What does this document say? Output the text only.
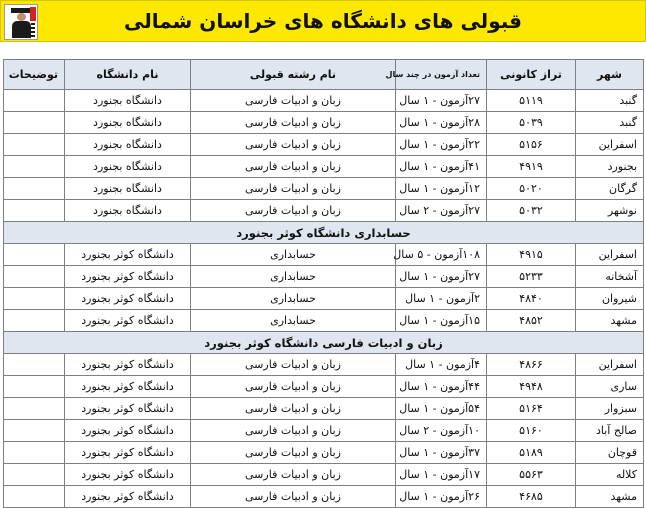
قبولی های دانشگاه های خراسان شمالی
شهر	تراز کانونی	تعداد آزمون در چند سال	نام رشته قبولی	نام دانشگاه	توضیحات
گنبد	۵۱۱۹	۲۷آزمون - ۱ سال	زبان و ادبیات فارسی	دانشگاه بجنورد	
گنبد	۵۰۳۹	۲۸آزمون - ۱ سال	زبان و ادبیات فارسی	دانشگاه بجنورد	
اسفراین	۵۱۵۶	۲۲آزمون - ۱ سال	زبان و ادبیات فارسی	دانشگاه بجنورد	
بجنورد	۴۹۱۹	۴۱آزمون - ۱ سال	زبان و ادبیات فارسی	دانشگاه بجنورد	
گرگان	۵۰۲۰	۱۲آزمون - ۱ سال	زبان و ادبیات فارسی	دانشگاه بجنورد	
نوشهر	۵۰۳۲	۲۷آزمون - ۲ سال	زبان و ادبیات فارسی	دانشگاه بجنورد	
حسابداری دانشگاه کوثر بجنورد					
اسفراین	۴۹۱۵	۱۰۸آزمون - ۵ سال	حسابداری	دانشگاه کوثر بجنورد	
آشخانه	۵۲۳۳	۲۷آزمون - ۱ سال	حسابداری	دانشگاه کوثر بجنورد	
شیروان	۴۸۴۰	۲آزمون - ۱ سال	حسابداری	دانشگاه کوثر بجنورد	
مشهد	۴۸۵۲	۱۵آزمون - ۱ سال	حسابداری	دانشگاه کوثر بجنورد	
زبان و ادبیات فارسی دانشگاه کوثر بجنورد					
اسفراین	۴۸۶۶	۴آزمون - ۱ سال	زبان و ادبیات فارسی	دانشگاه کوثر بجنورد	
ساری	۴۹۴۸	۴۴آزمون - ۱ سال	زبان و ادبیات فارسی	دانشگاه کوثر بجنورد	
سبزوار	۵۱۶۴	۵۴آزمون - ۱ سال	زبان و ادبیات فارسی	دانشگاه کوثر بجنورد	
صالح آباد	۵۱۶۰	۱۰آزمون - ۲ سال	زبان و ادبیات فارسی	دانشگاه کوثر بجنورد	
قوچان	۵۱۸۹	۳۷آزمون - ۱ سال	زبان و ادبیات فارسی	دانشگاه کوثر بجنورد	
کلاله	۵۵۶۳	۱۷آزمون - ۱ سال	زبان و ادبیات فارسی	دانشگاه کوثر بجنورد	
مشهد	۴۶۸۵	۲۶آزمون - ۱ سال	زبان و ادبیات فارسی	دانشگاه کوثر بجنورد	
